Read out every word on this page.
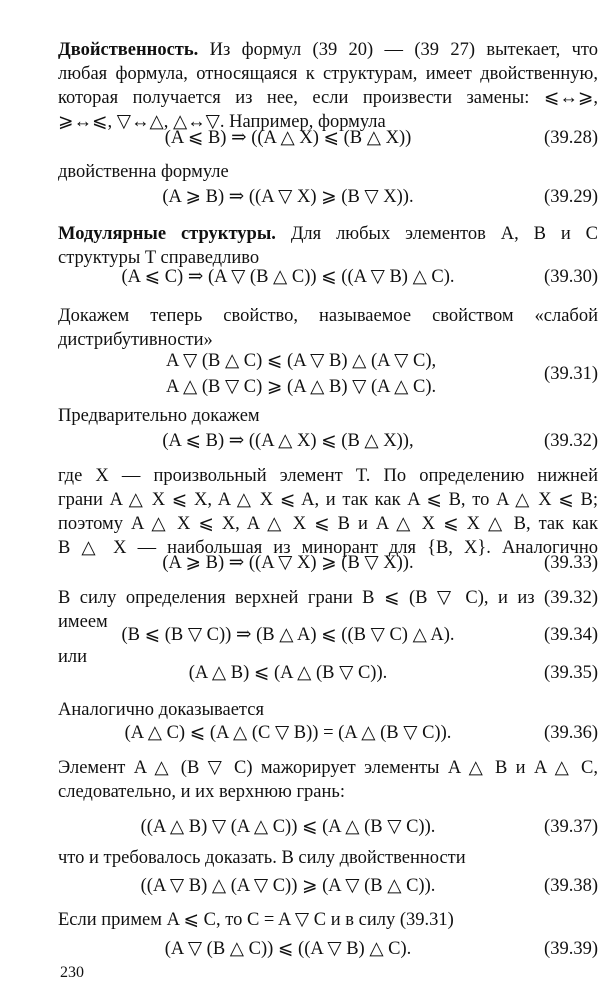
Двойственность. Из формул (39 20) — (39 27) вытекает, что
любая формула, относящаяся к структурам, имеет двойственную,
которая получается из нее, если произвести замены: ⩽↔⩾,
⩾↔⩽, ▽↔△, △↔▽. Например, формула
(A ⩽ B) ⇒ ((A △ X) ⩽ (B △ X))	(39.28)
двойственна формуле
(A ⩾ B) ⇒ ((A ▽ X) ⩾ (B ▽ X)).	(39.29)
Модулярные структуры. Для любых элементов A, B и C
структуры T справедливо
(A ⩽ C) ⇒ (A ▽ (B △ C)) ⩽ ((A ▽ B) △ C).	(39.30)
Докажем теперь свойство, называемое свойством «слабой
дистрибутивности»
A ▽ (B △ C) ⩽ (A ▽ B) △ (A ▽ C),
A △ (B ▽ C) ⩾ (A △ B) ▽ (A △ C).
(39.31)
Предварительно докажем
(A ⩽ B) ⇒ ((A △ X) ⩽ (B △ X)),	(39.32)
где X — произвольный элемент T. По определению нижней
грани A △ X ⩽ X, A △ X ⩽ A, и так как A ⩽ B, то A △ X ⩽ B;
поэтому A △ X ⩽ X, A △ X ⩽ B и A △ X ⩽ X △ B, так как
B △ X — наибольшая из минорант для {B, X}. Аналогично
(A ⩾ B) ⇒ ((A ▽ X) ⩾ (B ▽ X)).	(39.33)
В силу определения верхней грани B ⩽ (B ▽ C), и из (39.32)
имеем
(B ⩽ (B ▽ C)) ⇒ (B △ A) ⩽ ((B ▽ C) △ A).	(39.34)
или
(A △ B) ⩽ (A △ (B ▽ C)).	(39.35)
Аналогично доказывается
(A △ C) ⩽ (A △ (C ▽ B)) = (A △ (B ▽ C)).	(39.36)
Элемент A △ (B ▽ C) мажорирует элементы A △ B и A △ C,
следовательно, и их верхнюю грань:
((A △ B) ▽ (A △ C)) ⩽ (A △ (B ▽ C)).	(39.37)
что и требовалось доказать. В силу двойственности
((A ▽ B) △ (A ▽ C)) ⩾ (A ▽ (B △ C)).	(39.38)
Если примем A ⩽ C, то C = A ▽ C и в силу (39.31)
(A ▽ (B △ C)) ⩽ ((A ▽ B) △ C).	(39.39)
230
